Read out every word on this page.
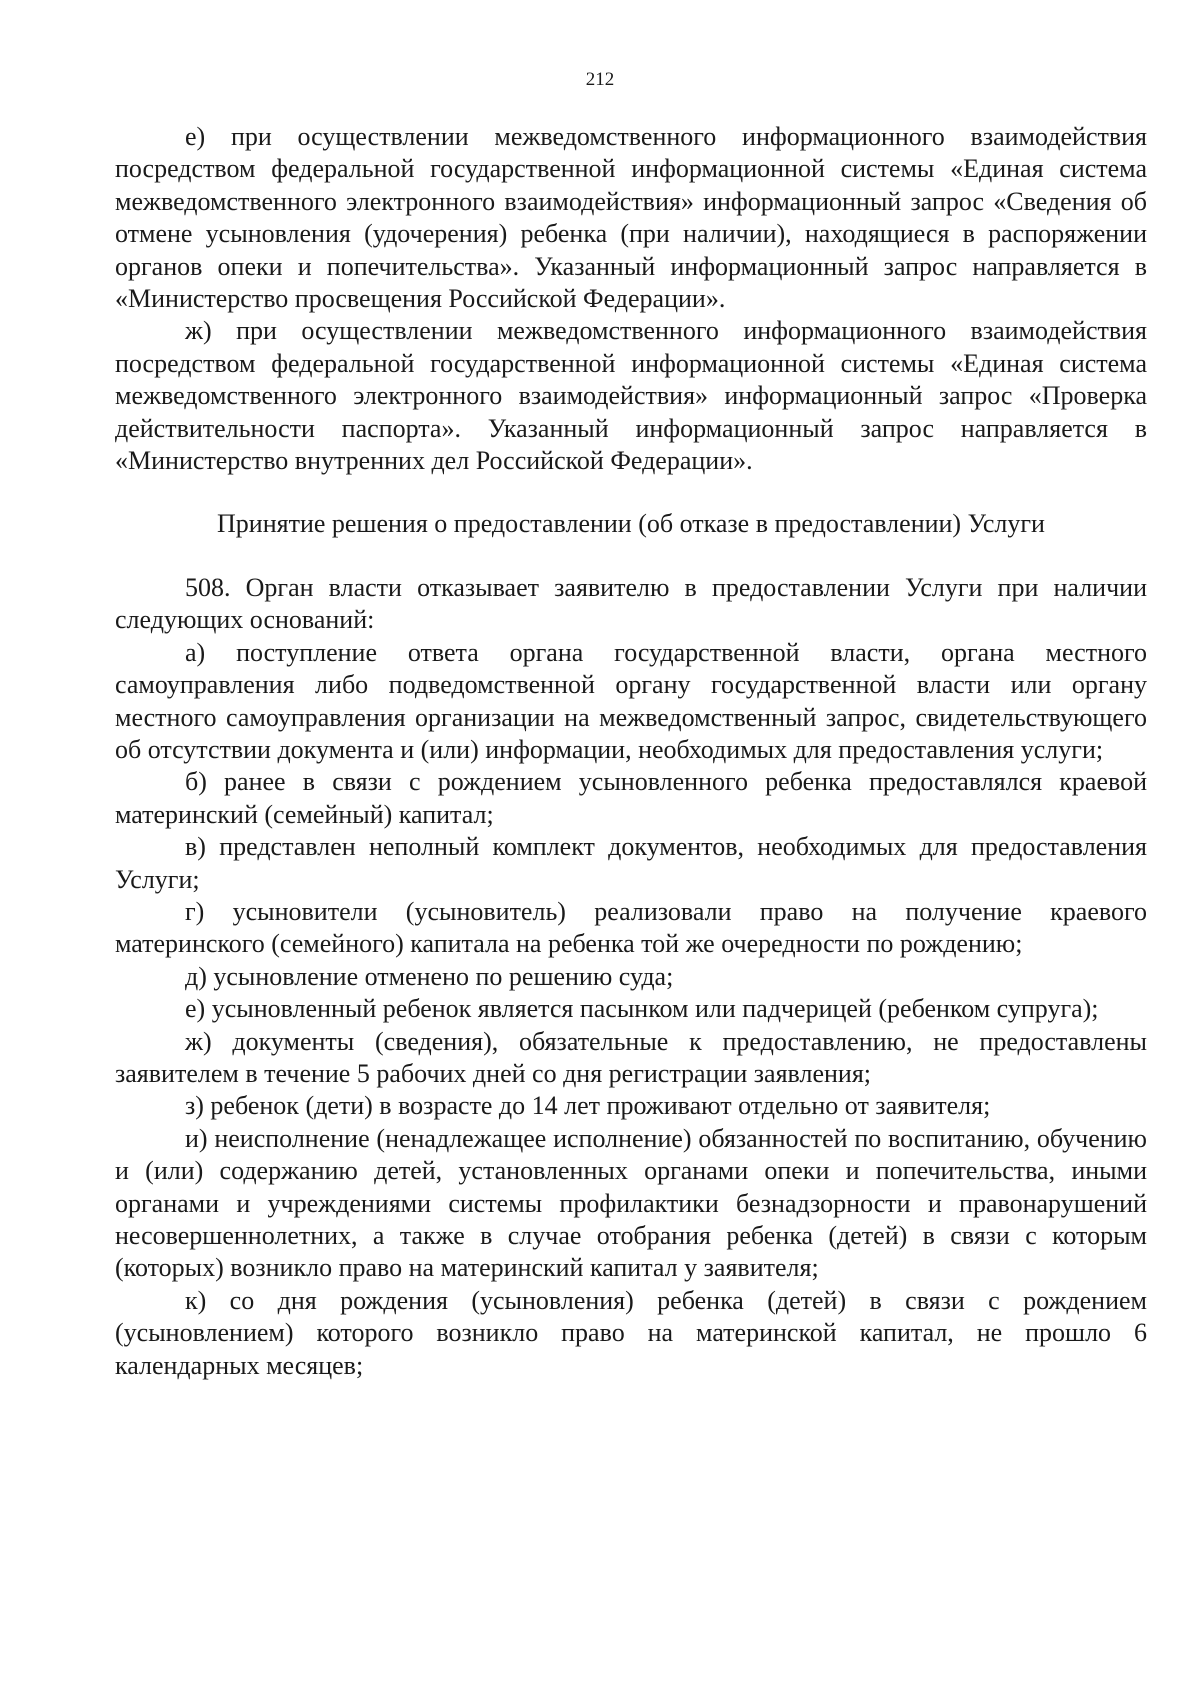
212

е) при осуществлении межведомственного информационного взаимодействия посредством федеральной государственной информационной системы «Единая система межведомственного электронного взаимодействия» информационный запрос «Сведения об отмене усыновления (удочерения) ребенка (при наличии), находящиеся в распоряжении органов опеки и попечительства». Указанный информационный запрос направляется в «Министерство просвещения Российской Федерации».

ж) при осуществлении межведомственного информационного взаимодействия посредством федеральной государственной информационной системы «Единая система межведомственного электронного взаимодействия» информационный запрос «Проверка действительности паспорта». Указанный информационный запрос направляется в «Министерство внутренних дел Российской Федерации».

Принятие решения о предоставлении (об отказе в предоставлении) Услуги

508. Орган власти отказывает заявителю в предоставлении Услуги при наличии следующих оснований:

а) поступление ответа органа государственной власти, органа местного самоуправления либо подведомственной органу государственной власти или органу местного самоуправления организации на межведомственный запрос, свидетельствующего об отсутствии документа и (или) информации, необходимых для предоставления услуги;

б) ранее в связи с рождением усыновленного ребенка предоставлялся краевой материнский (семейный) капитал;

в) представлен неполный комплект документов, необходимых для предоставления Услуги;

г) усыновители (усыновитель) реализовали право на получение краевого материнского (семейного) капитала на ребенка той же очередности по рождению;

д) усыновление отменено по решению суда;

е) усыновленный ребенок является пасынком или падчерицей (ребенком супруга);

ж) документы (сведения), обязательные к предоставлению, не предоставлены заявителем в течение 5 рабочих дней со дня регистрации заявления;

з) ребенок (дети) в возрасте до 14 лет проживают отдельно от заявителя;

и) неисполнение (ненадлежащее исполнение) обязанностей по воспитанию, обучению и (или) содержанию детей, установленных органами опеки и попечительства, иными органами и учреждениями системы профилактики безнадзорности и правонарушений несовершеннолетних, а также в случае отобрания ребенка (детей) в связи с которым (которых) возникло право на материнский капитал у заявителя;

к) со дня рождения (усыновления) ребенка (детей) в связи с рождением (усыновлением) которого возникло право на материнской капитал, не прошло 6 календарных месяцев;
